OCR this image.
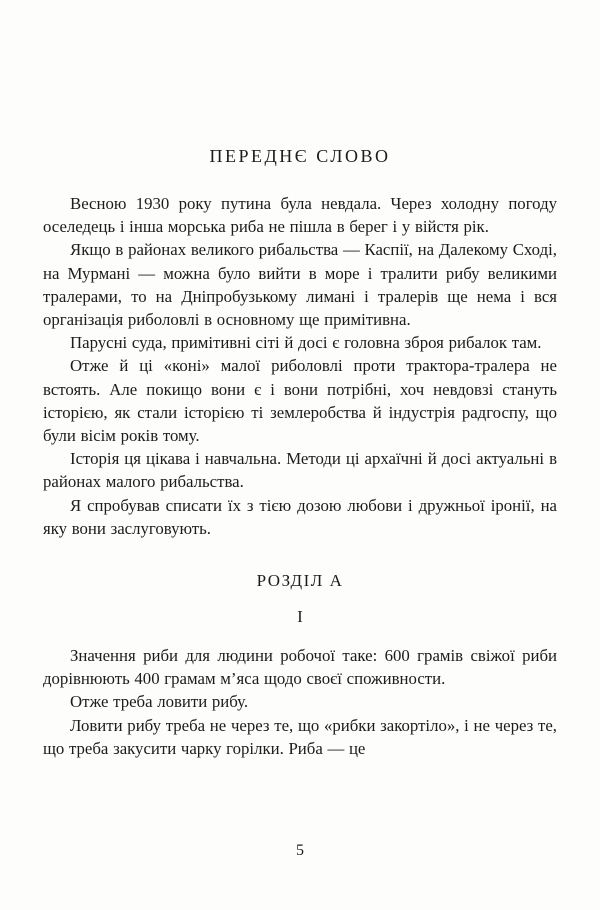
ПЕРЕДНЄ СЛОВО

Весною 1930 року путина була невдала. Через холодну погоду оселедець і інша морська риба не пішла в берег і у війстя рік.

Якщо в районах великого рибальства — Каспії, на Далекому Сході, на Мурмані — можна було вийти в море і тралити рибу великими тралерами, то на Дніпробузькому лимані і тралерів ще нема і вся організація риболовлі в основному ще примітивна.

Парусні суда, примітивні сіті й досі є головна зброя рибалок там.

Отже й ці «коні» малої риболовлі проти трактора-тралера не встоять. Але покищо вони є і вони потрібні, хоч невдовзі стануть історією, як стали історією ті землеробства й індустрія радгоспу, що були вісім років тому.

Історія ця цікава і навчальна. Методи ці архаїчні й досі актуальні в районах малого рибальства.

Я спробував списати їх з тією дозою любови і дружньої іронії, на яку вони заслуговують.

РОЗДІЛ А
І

Значення риби для людини робочої таке: 600 грамів свіжої риби дорівнюють 400 грамам м’яса щодо своєї споживности.

Отже треба ловити рибу.

Ловити рибу треба не через те, що «рибки закортіло», і не через те, що треба закусити чарку горілки. Риба — це

5
